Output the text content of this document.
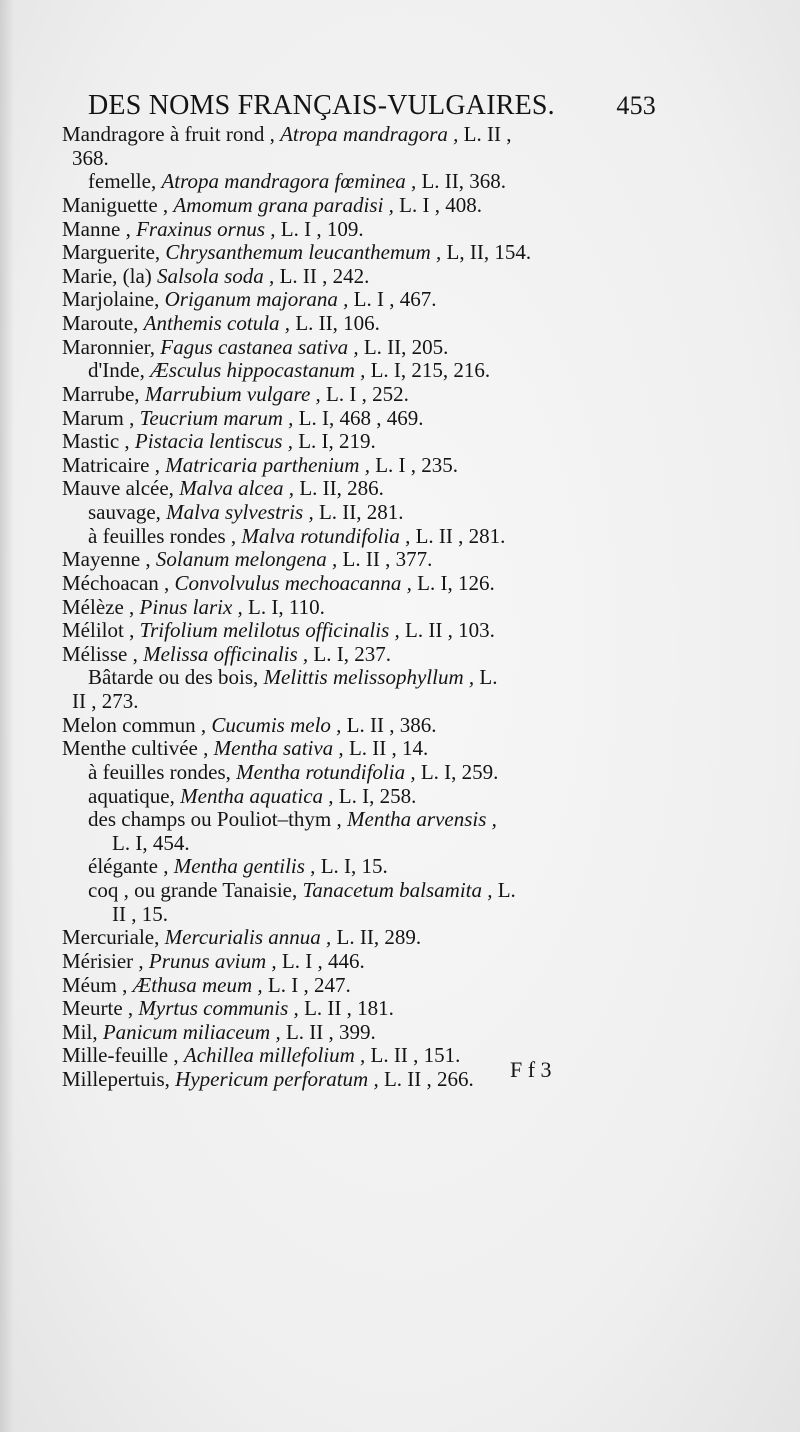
DES NOMS FRANÇAIS-VULGAIRES.	453
Mandragore à fruit rond , Atropa mandragora , L. II ,
368.
femelle, Atropa mandragora fœminea , L. II, 368.
Maniguette , Amomum grana paradisi , L. I , 408.
Manne , Fraxinus ornus , L. I , 109.
Marguerite, Chrysanthemum leucanthemum , L, II, 154.
Marie, (la) Salsola soda , L. II , 242.
Marjolaine, Origanum majorana , L. I , 467.
Maroute, Anthemis cotula , L. II, 106.
Maronnier, Fagus castanea sativa , L. II, 205.
d'Inde, Æsculus hippocastanum , L. I, 215, 216.
Marrube, Marrubium vulgare , L. I , 252.
Marum , Teucrium marum , L. I, 468 , 469.
Mastic , Pistacia lentiscus , L. I, 219.
Matricaire , Matricaria parthenium , L. I , 235.
Mauve alcée, Malva alcea , L. II, 286.
sauvage, Malva sylvestris , L. II, 281.
à feuilles rondes , Malva rotundifolia , L. II , 281.
Mayenne , Solanum melongena , L. II , 377.
Méchoacan , Convolvulus mechoacanna , L. I, 126.
Mélèze , Pinus larix , L. I, 110.
Mélilot , Trifolium melilotus officinalis , L. II , 103.
Mélisse , Melissa officinalis , L. I, 237.
Bâtarde ou des bois, Melittis melissophyllum , L.
II , 273.
Melon commun , Cucumis melo , L. II , 386.
Menthe cultivée , Mentha sativa , L. II , 14.
à feuilles rondes, Mentha rotundifolia , L. I, 259.
aquatique, Mentha aquatica , L. I, 258.
des champs ou Pouliot–thym , Mentha arvensis ,
L. I, 454.
élégante , Mentha gentilis , L. I, 15.
coq , ou grande Tanaisie, Tanacetum balsamita , L.
II , 15.
Mercuriale, Mercurialis annua , L. II, 289.
Mérisier , Prunus avium , L. I , 446.
Méum , Æthusa meum , L. I , 247.
Meurte , Myrtus communis , L. II , 181.
Mil, Panicum miliaceum , L. II , 399.
Mille-feuille , Achillea millefolium , L. II , 151.
Millepertuis, Hypericum perforatum , L. II , 266.	F f 3
